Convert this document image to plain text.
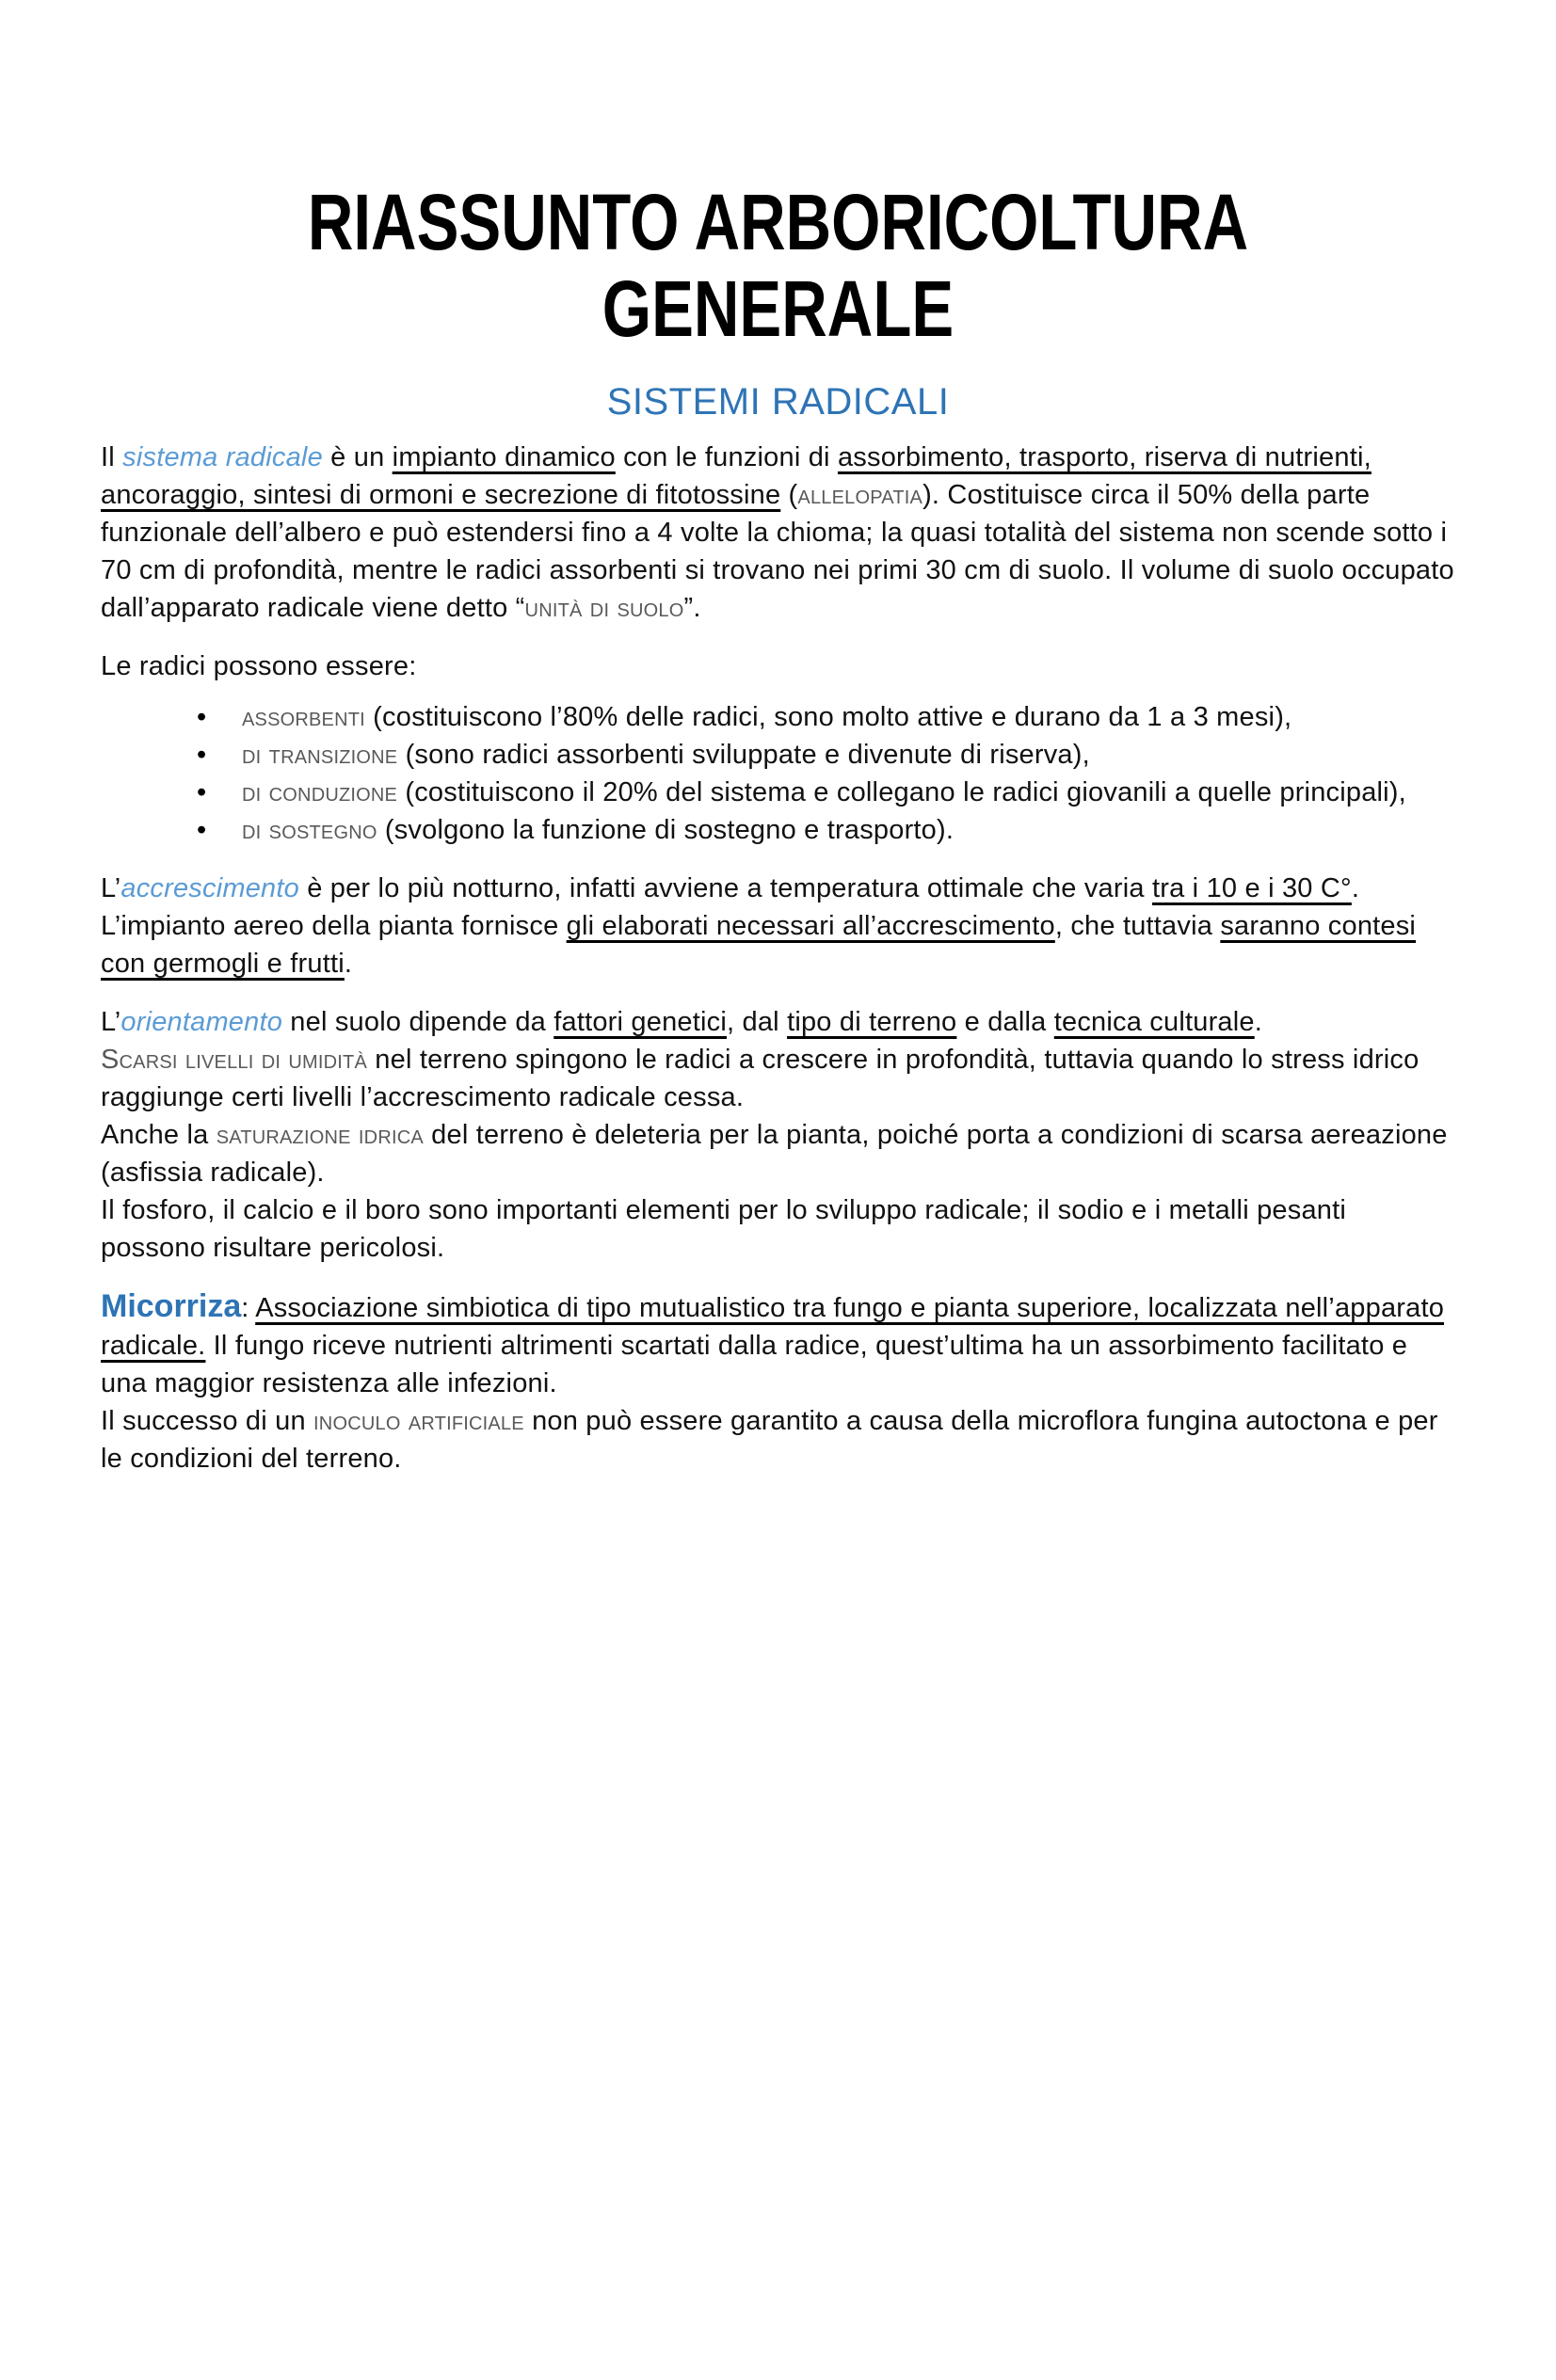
RIASSUNTO ARBORICOLTURA
GENERALE
SISTEMI RADICALI

Il sistema radicale è un impianto dinamico con le funzioni di assorbimento, trasporto, riserva di nutrienti, ancoraggio, sintesi di ormoni e secrezione di fitotossine (allelopatia). Costituisce circa il 50% della parte funzionale dell’albero e può estendersi fino a 4 volte la chioma; la quasi totalità del sistema non scende sotto i 70 cm di profondità, mentre le radici assorbenti si trovano nei primi 30 cm di suolo. Il volume di suolo occupato dall’apparato radicale viene detto “unità di suolo”.

Le radici possono essere:

• assorbenti (costituiscono l’80% delle radici, sono molto attive e durano da 1 a 3 mesi),
• di transizione (sono radici assorbenti sviluppate e divenute di riserva),
• di conduzione (costituiscono il 20% del sistema e collegano le radici giovanili a quelle principali),
• di sostegno (svolgono la funzione di sostegno e trasporto).

L’accrescimento è per lo più notturno, infatti avviene a temperatura ottimale che varia tra i 10 e i 30 C°. L’impianto aereo della pianta fornisce gli elaborati necessari all’accrescimento, che tuttavia saranno contesi con germogli e frutti.

L’orientamento nel suolo dipende da fattori genetici, dal tipo di terreno e dalla tecnica culturale.

Scarsi livelli di umidità nel terreno spingono le radici a crescere in profondità, tuttavia quando lo stress idrico raggiunge certi livelli l’accrescimento radicale cessa.

Anche la saturazione idrica del terreno è deleteria per la pianta, poiché porta a condizioni di scarsa aereazione (asfissia radicale).

Il fosforo, il calcio e il boro sono importanti elementi per lo sviluppo radicale; il sodio e i metalli pesanti possono risultare pericolosi.

Micorriza: Associazione simbiotica di tipo mutualistico tra fungo e pianta superiore, localizzata nell’apparato radicale. Il fungo riceve nutrienti altrimenti scartati dalla radice, quest’ultima ha un assorbimento facilitato e una maggior resistenza alle infezioni.

Il successo di un inoculo artificiale non può essere garantito a causa della microflora fungina autoctona e per le condizioni del terreno.
